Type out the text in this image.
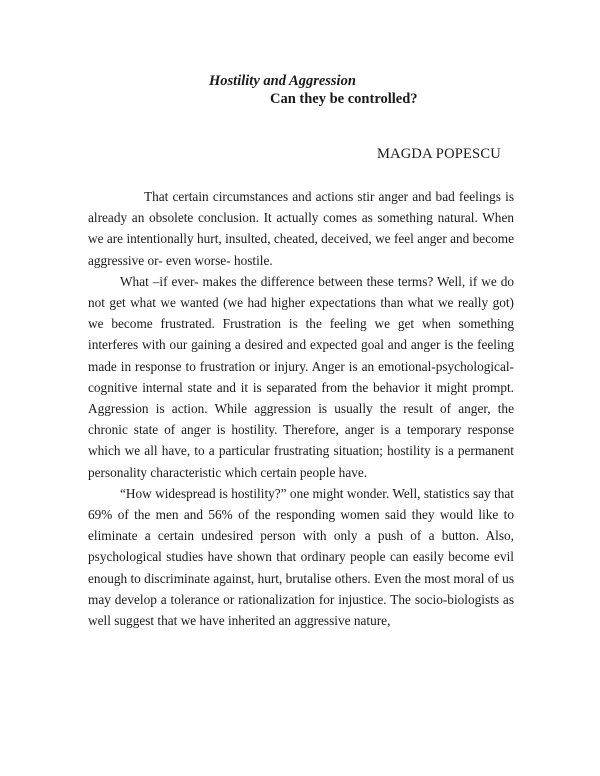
Hostility and Aggression
Can they be controlled?
MAGDA POPESCU

That certain circumstances and actions stir anger and bad feelings is already an obsolete conclusion. It actually comes as something natural. When we are intentionally hurt, insulted, cheated, deceived, we feel anger and become aggressive or- even worse- hostile.

What –if ever- makes the difference between these terms? Well, if we do not get what we wanted (we had higher expectations than what we really got) we become frustrated. Frustration is the feeling we get when something interferes with our gaining a desired and expected goal and anger is the feeling made in response to frustration or injury. Anger is an emotional-psychological-cognitive internal state and it is separated from the behavior it might prompt. Aggression is action. While aggression is usually the result of anger, the chronic state of anger is hostility. Therefore, anger is a temporary response which we all have, to a particular frustrating situation; hostility is a permanent personality characteristic which certain people have.

“How widespread is hostility?” one might wonder. Well, statistics say that 69% of the men and 56% of the responding women said they would like to eliminate a certain undesired person with only a push of a button. Also, psychological studies have shown that ordinary people can easily become evil enough to discriminate against, hurt, brutalise others. Even the most moral of us may develop a tolerance or rationalization for injustice. The socio-biologists as well suggest that we have inherited an aggressive nature,
